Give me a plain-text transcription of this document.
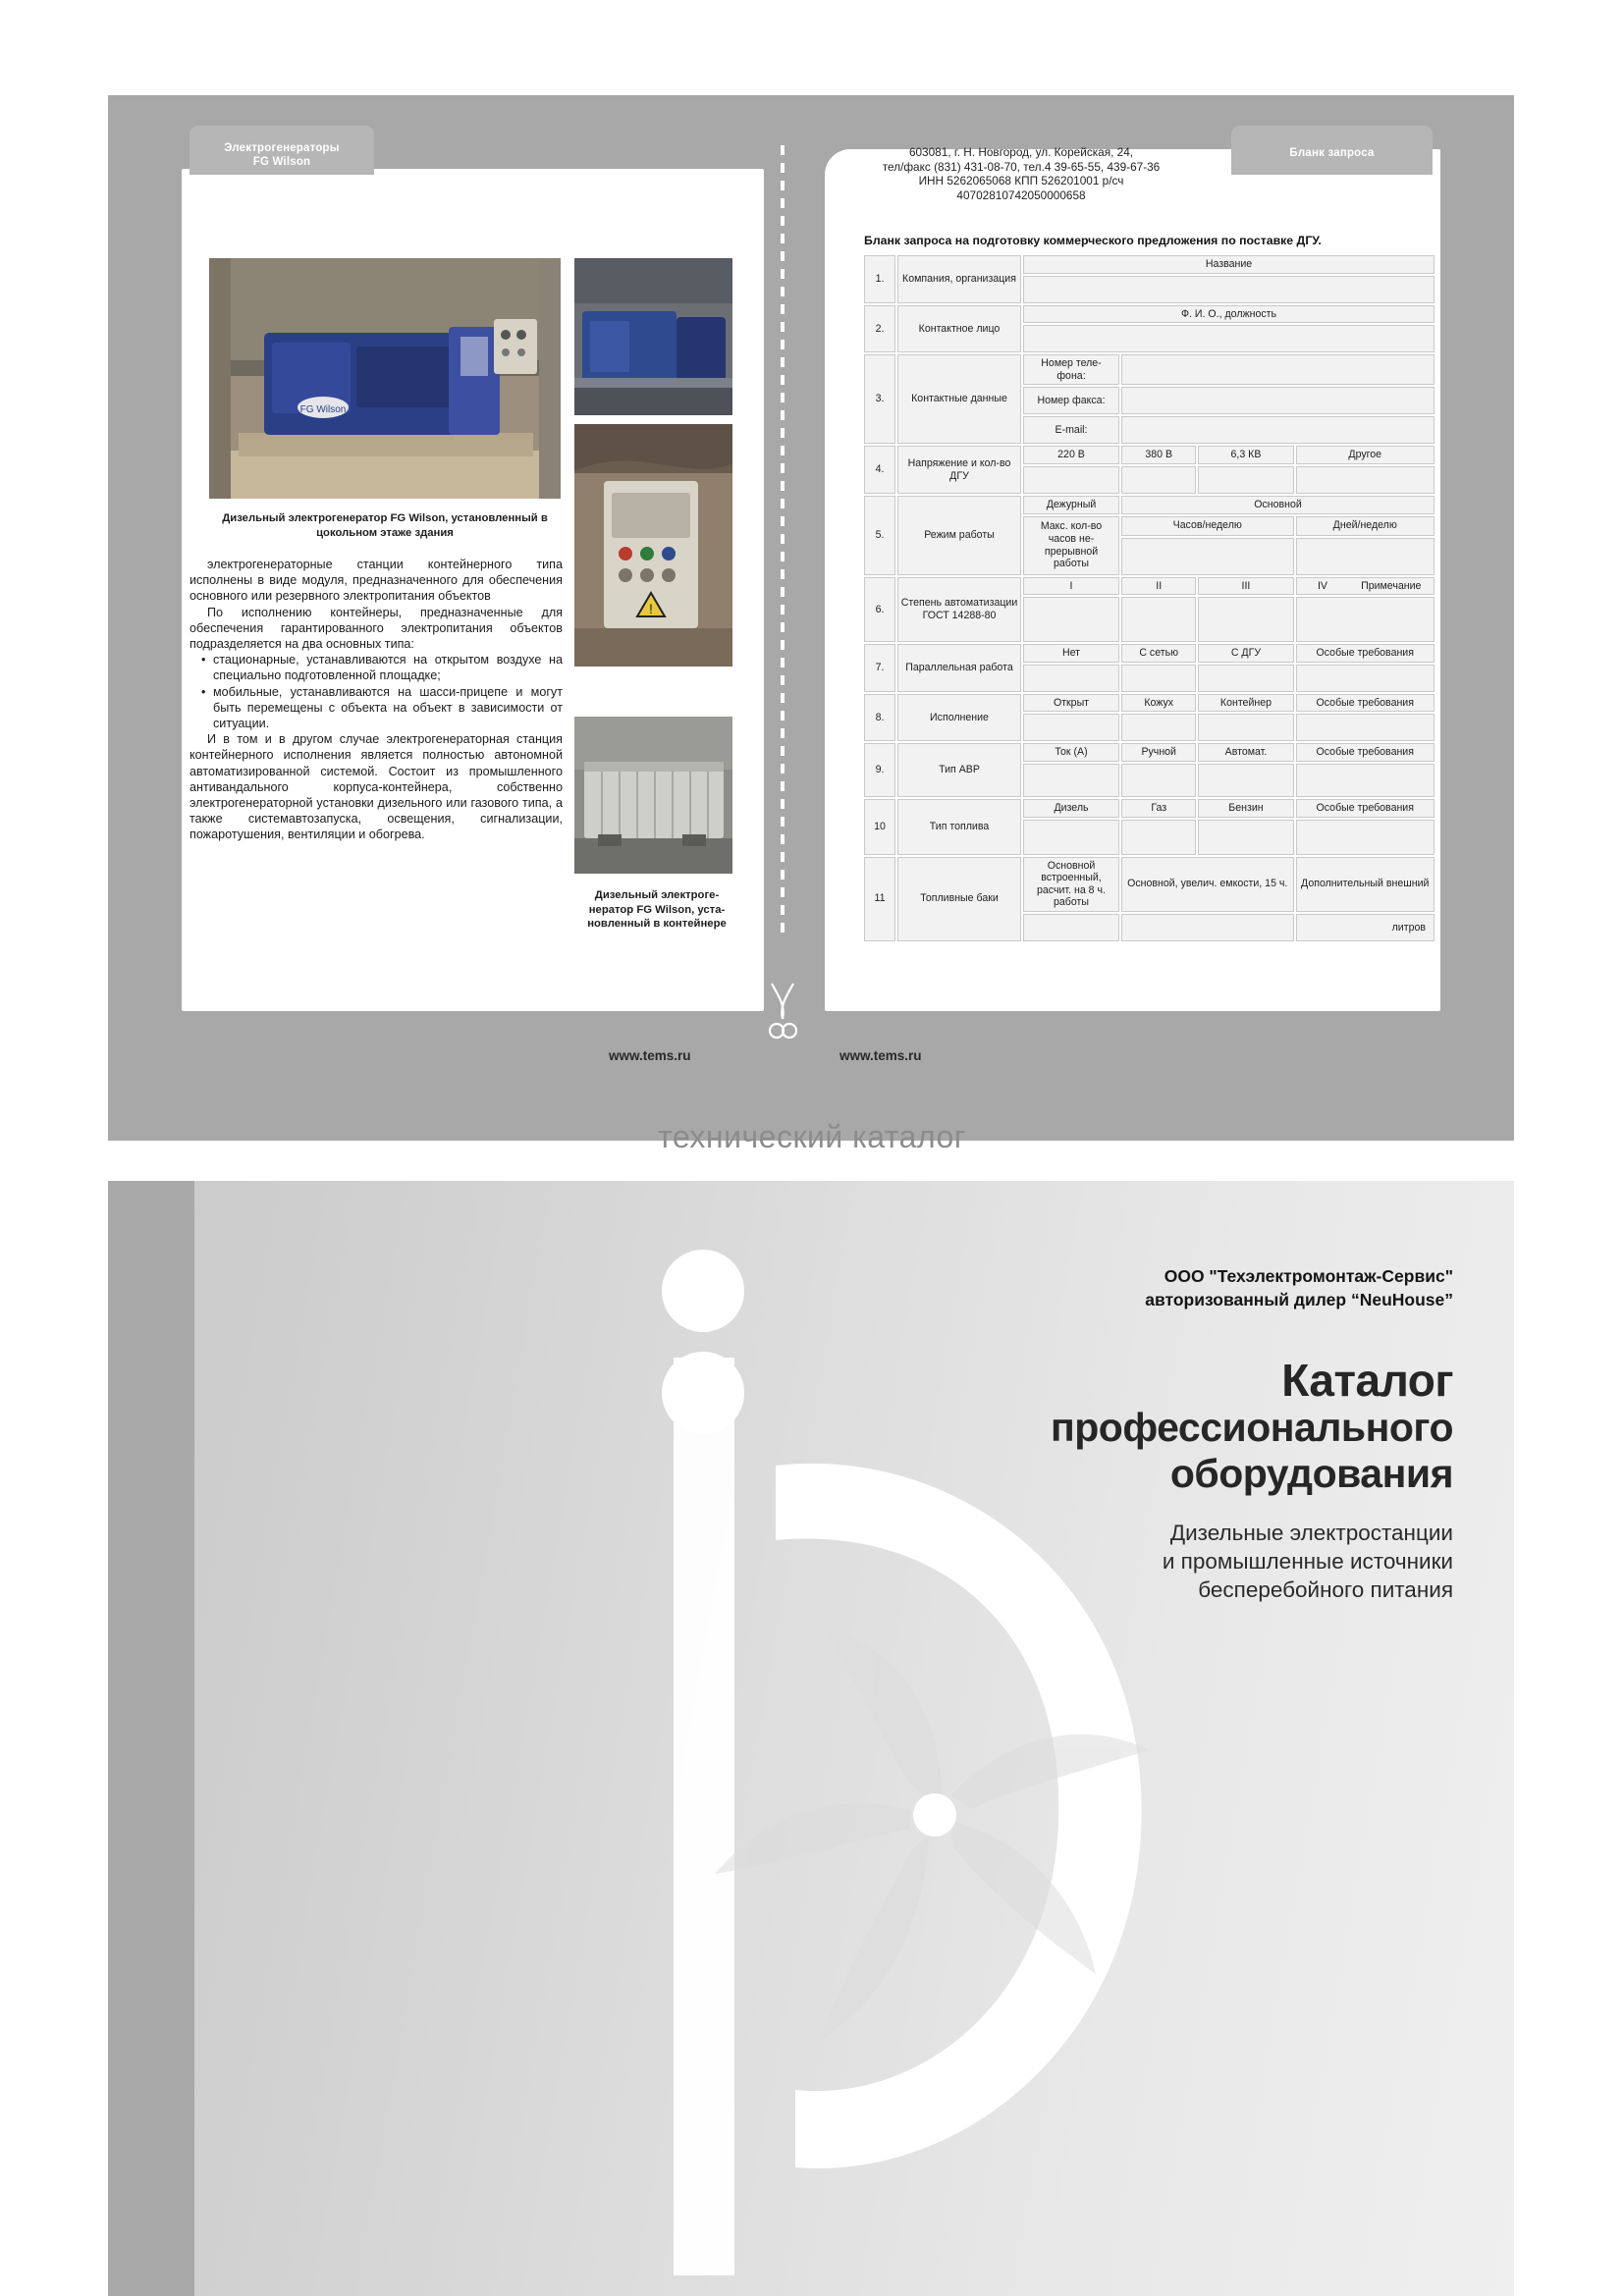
Электрогенераторы
FG Wilson
Бланк запроса
603081, г. Н. Новгород, ул. Корейская, 24,
тел/факс (831) 431-08-70, тел.4 39-65-55, 439-67-36
ИНН 5262065068 КПП 526201001 р/сч
40702810742050000658
FG Wilson
!
Дизельный электрогенератор FG Wilson, установленный в цокольном этаже здания
Дизельный электрогенератор FG Wilson, установленный в контейнере

электрогенераторные станции контейнерного типа исполнены в виде модуля, предназначенного для обеспечения основного или резервного электропитания объектов

По исполнению контейнеры, предназначенные для обеспечения гарантированного электропитания объектов подразделяется на два основных типа:

• стационарные, устанавливаются на открытом воздухе на специально подготовленной площадке;
• мобильные, устанавливаются на шасси-прицепе и могут быть перемещены с объекта на объект в зависимости от ситуации.

И в том и в другом случае электрогенераторная станция контейнерного исполнения является полностью автономной автоматизированной системой. Состоит из промышленного антивандального корпуса-контейнера, собственно электрогенераторной установки дизельного или газового типа, а также системавтозапуска, освещения, сигнализации, пожаротушения, вентиляции и обогрева.

Бланк запроса на подготовку коммерческого предложения по поставке ДГУ.
1.	Компания, организация	Название

2.	Контактное лицо	Ф. И. О., должность

3.	Контактные данные	Номер теле- фона:	
Номер факса:	
E-mail:	
4.	Напряжение и кол-во ДГУ	220 В	380 В	6,3 КВ	Другое

5.	Режим работы	Дежурный	Основной
Макс. кол-во часов непрерывной работы	Часов/неделю	Дней/неделю

6.	Степень автоматизации ГОСТ 14288-80	I	II	III		IV	Примечание

7.	Параллельная работа	Нет	С сетью	С ДГУ	Особые требования

8.	Исполнение	Открыт	Кожух	Контейнер	Особые требования

9.	Тип АВР	Ток (А)	Ручной	Автомат.	Особые требования

10	Тип топлива	Дизель	Газ	Бензин	Особые требования

11	Топливные баки	Основной встроенный, расчит. на 8 ч. работы	Основной, увелич. емкости, 15 ч.	Дополнительный внешний
		литров
www.tems.ru	www.tems.ru
технический каталог
ООО "Техэлектромонтаж-Сервис"
авторизованный дилер “NeuHouse”
Каталог
профессионального
оборудования
Дизельные электростанции
и промышленные источники
бесперебойного питания
